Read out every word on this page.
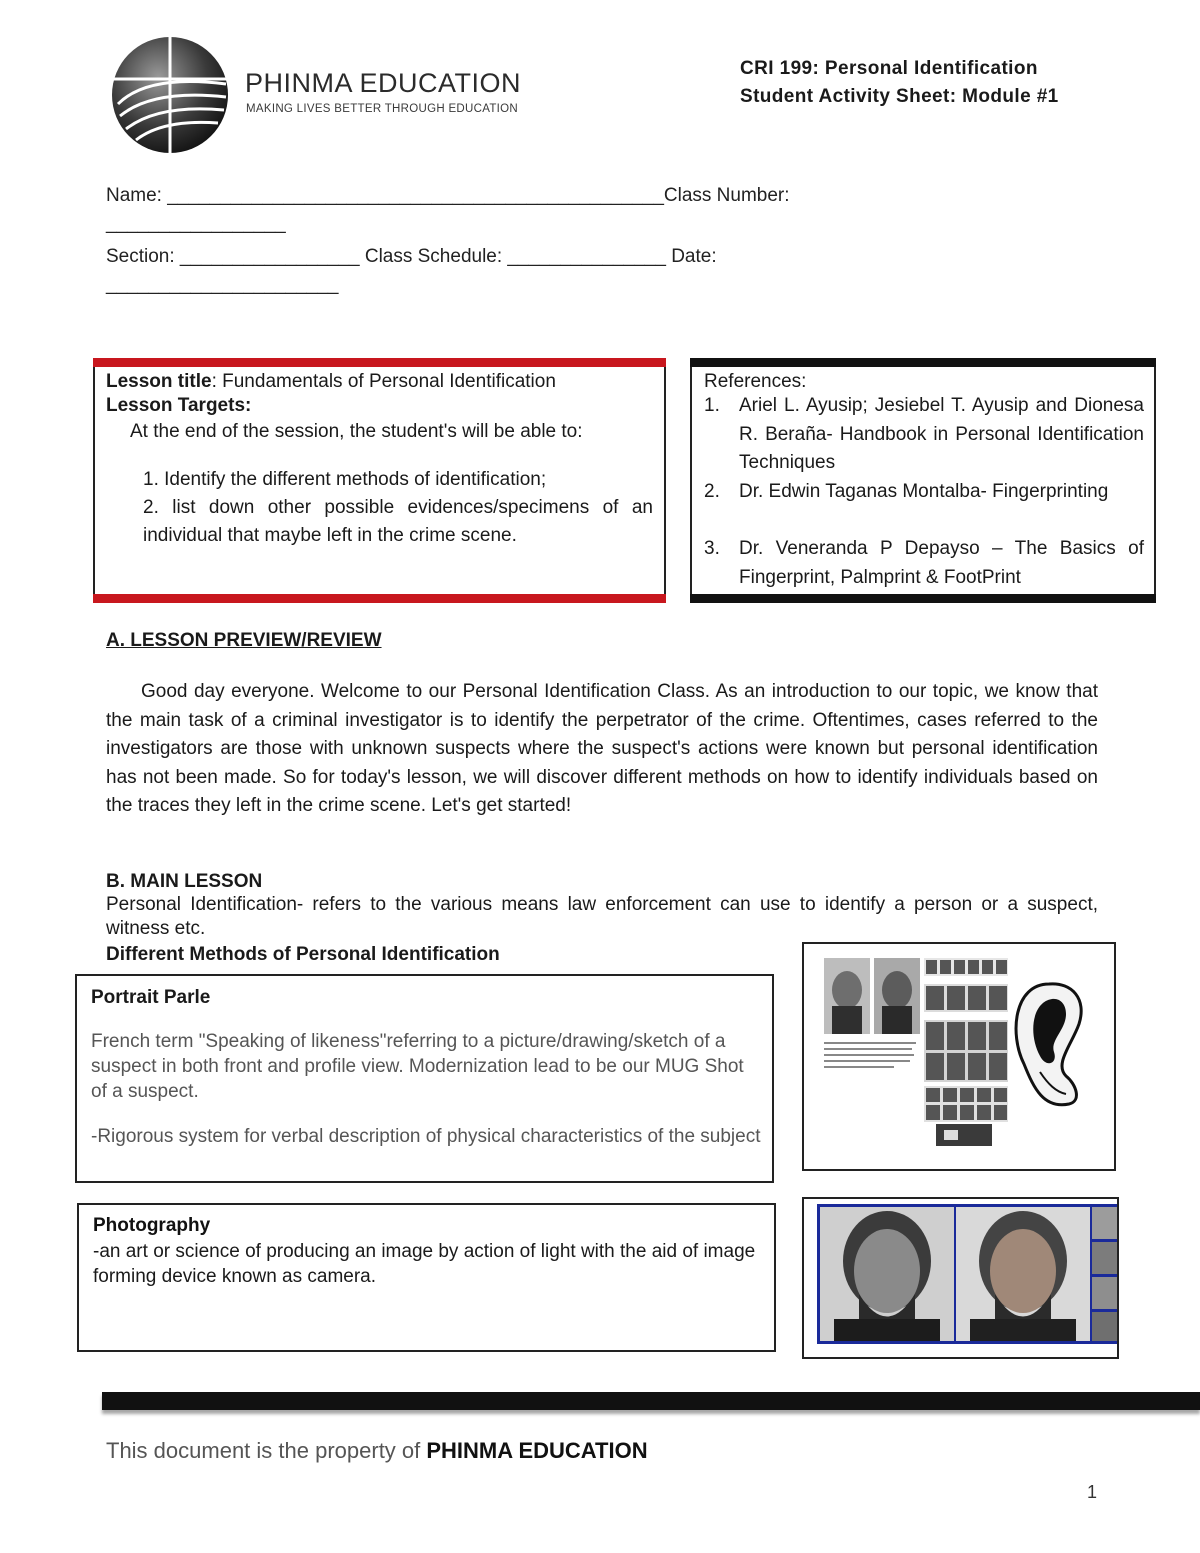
PHINMA EDUCATION
MAKING LIVES BETTER THROUGH EDUCATION
CRI 199: Personal Identification
Student Activity Sheet: Module #1
Name: _______________________________________________Class Number:
_________________
Section: _________________ Class Schedule: _______________ Date:
______________________
Lesson title: Fundamentals of Personal Identification
Lesson Targets:
At the end of the session, the student's will be able to:
1. Identify the different methods of identification;
2. list down other possible evidences/specimens of an individual that maybe left in the crime scene.
References:
1. Ariel L. Ayusip; Jesiebel T. Ayusip and Dionesa R. Beraña- Handbook in Personal Identification Techniques
2. Dr. Edwin Taganas Montalba- Fingerprinting
3. Dr. Veneranda P Depayso – The Basics of Fingerprint, Palmprint & FootPrint
A. LESSON PREVIEW/REVIEW
Good day everyone. Welcome to our Personal Identification Class. As an introduction to our topic, we know that the main task of a criminal investigator is to identify the perpetrator of the crime. Oftentimes, cases referred to the investigators are those with unknown suspects where the suspect's actions were known but personal identification has not been made. So for today's lesson, we will discover different methods on how to identify individuals based on the traces they left in the crime scene. Let's get started!
B. MAIN LESSON
Personal Identification- refers to the various means law enforcement can use to identify a person or a suspect, witness etc.
Different Methods of Personal Identification
Portrait Parle
French term "Speaking of likeness"referring to a picture/drawing/sketch of a suspect in both front and profile view. Modernization lead to be our MUG Shot of a suspect.
-Rigorous system for verbal description of physical characteristics of the subject
Photography
-an art or science of producing an image by action of light with the aid of image forming device known as camera.
This document is the property of PHINMA EDUCATION
1
